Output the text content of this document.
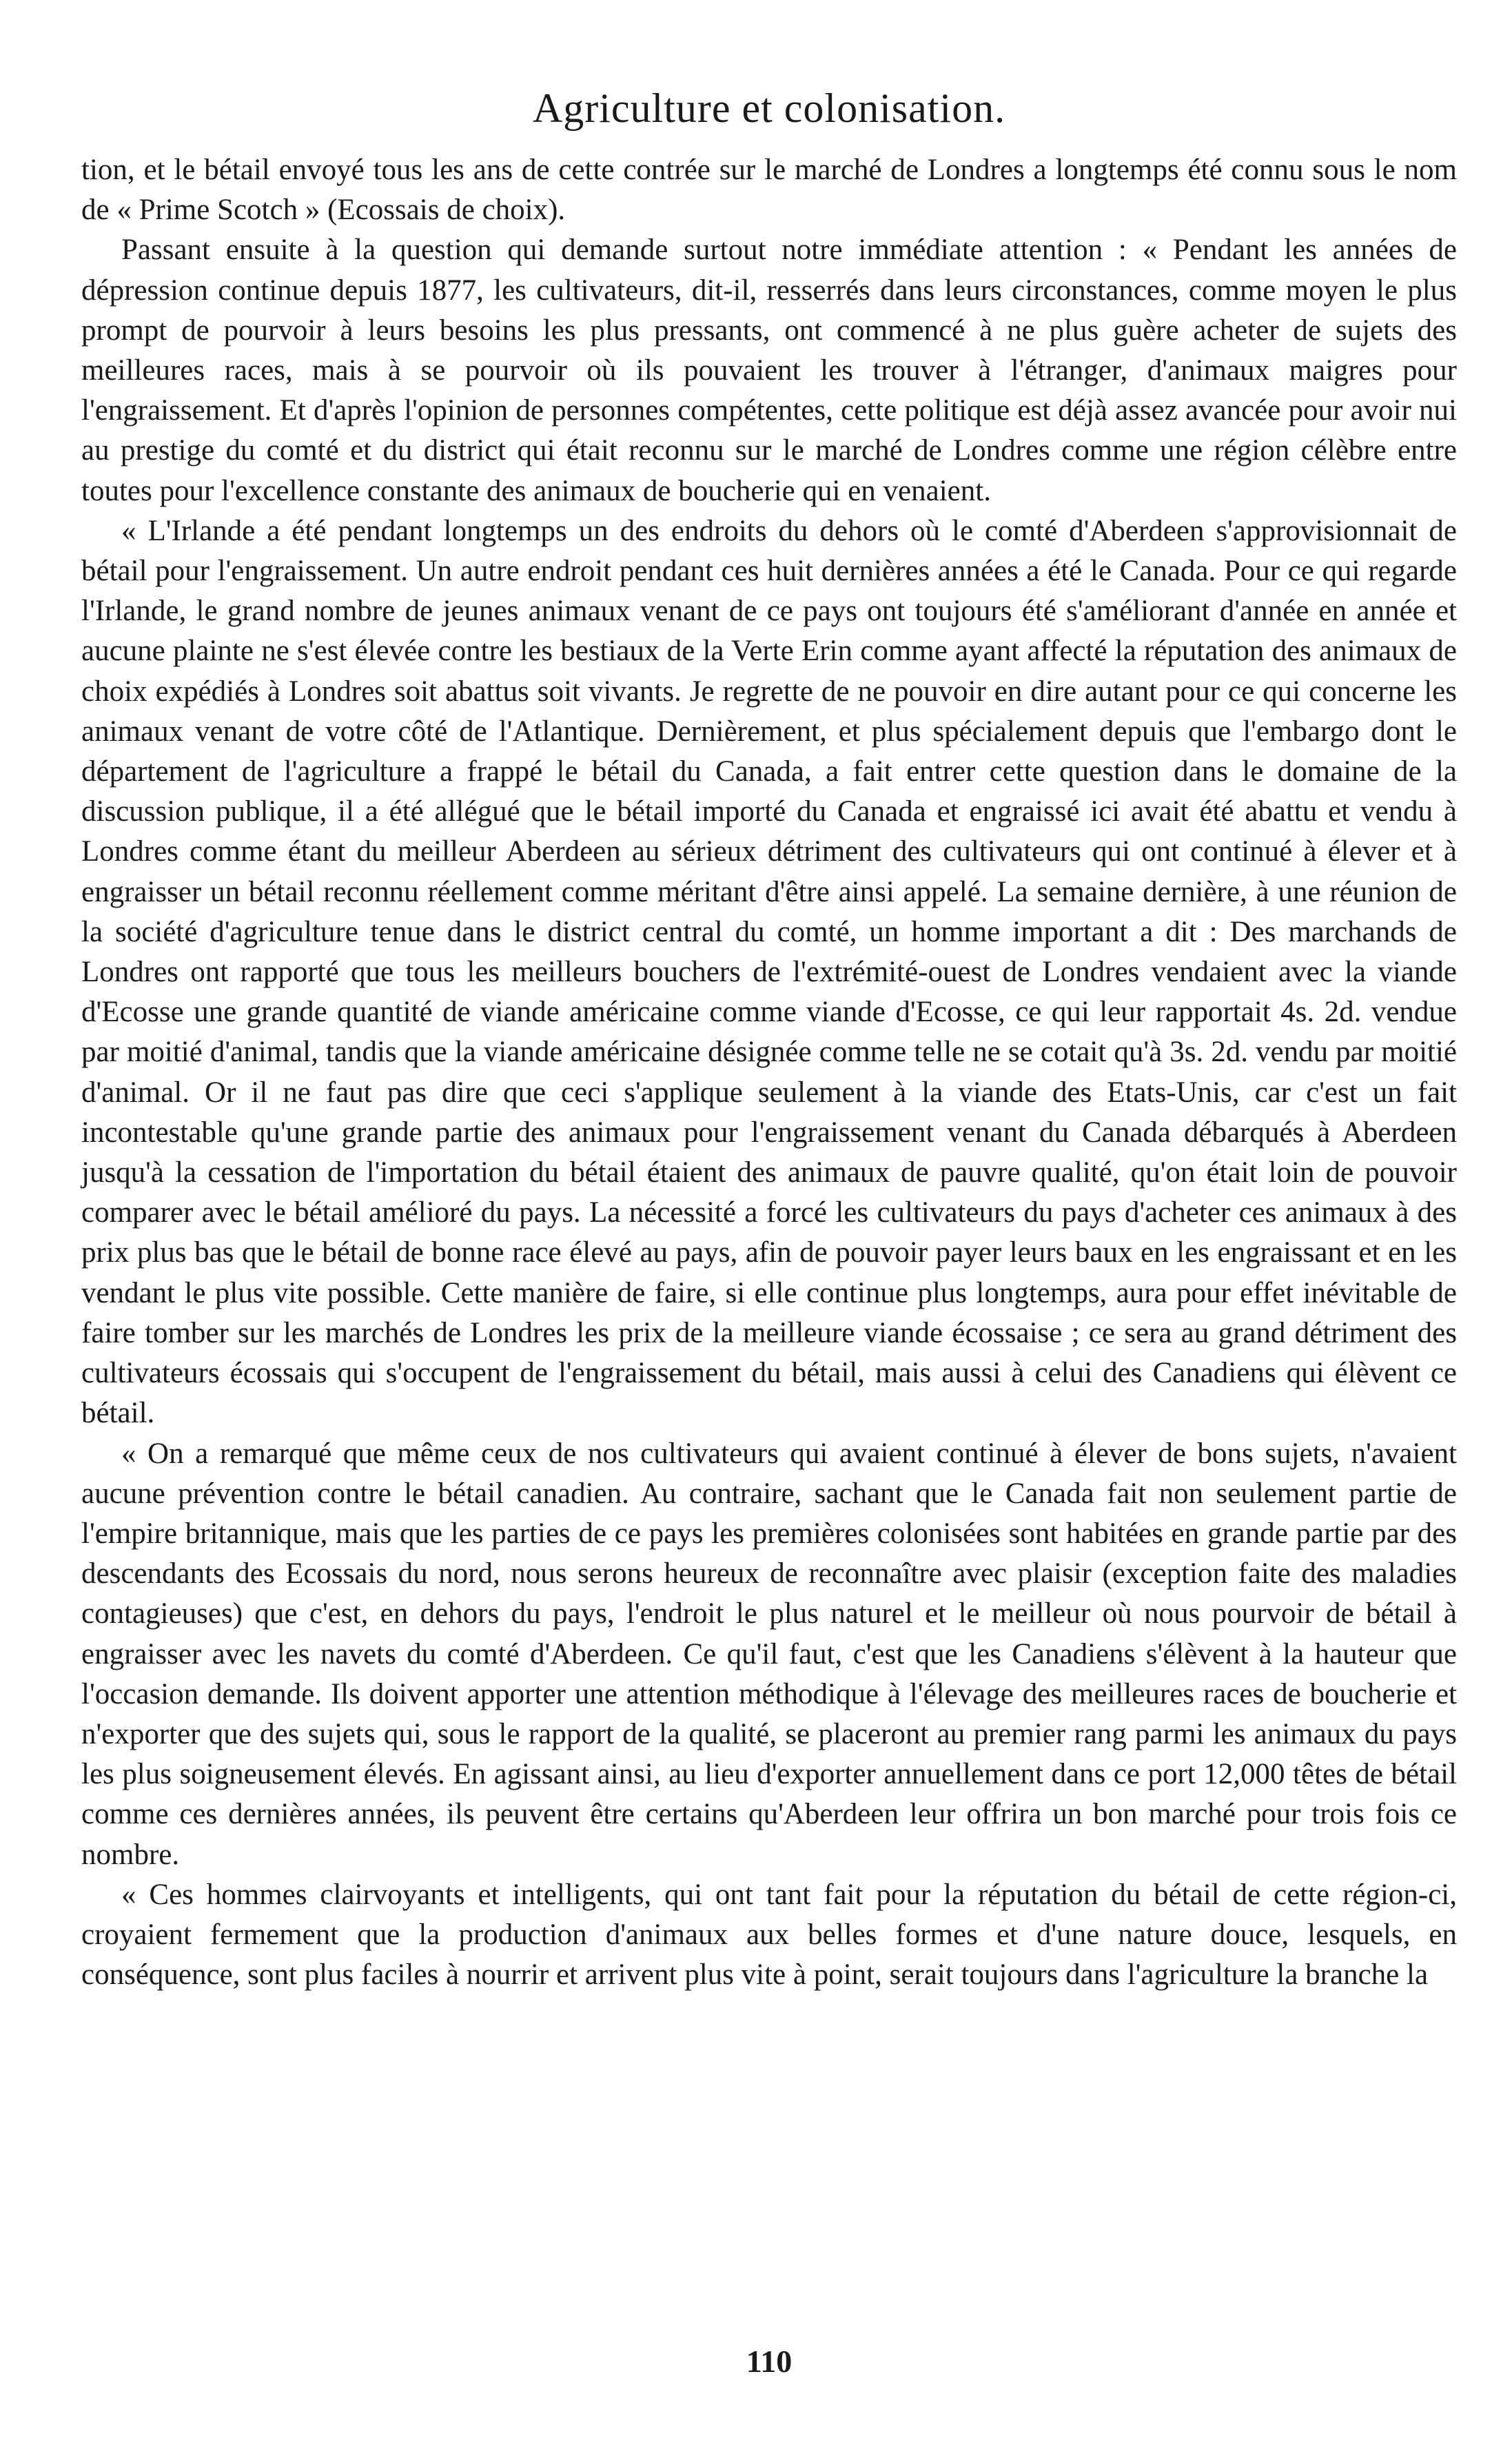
Agriculture et colonisation.

tion, et le bétail envoyé tous les ans de cette contrée sur le marché de Londres a longtemps été connu sous le nom de « Prime Scotch » (Ecossais de choix).

Passant ensuite à la question qui demande surtout notre immédiate attention : « Pendant les années de dépression continue depuis 1877, les cultivateurs, dit-il, resserrés dans leurs circonstances, comme moyen le plus prompt de pourvoir à leurs besoins les plus pressants, ont commencé à ne plus guère acheter de sujets des meilleures races, mais à se pourvoir où ils pouvaient les trouver à l'étranger, d'animaux maigres pour l'engraissement. Et d'après l'opinion de personnes compétentes, cette politique est déjà assez avancée pour avoir nui au prestige du comté et du district qui était reconnu sur le marché de Londres comme une région célèbre entre toutes pour l'excellence constante des animaux de boucherie qui en venaient.

« L'Irlande a été pendant longtemps un des endroits du dehors où le comté d'Aberdeen s'approvisionnait de bétail pour l'engraissement. Un autre endroit pendant ces huit dernières années a été le Canada. Pour ce qui regarde l'Irlande, le grand nombre de jeunes animaux venant de ce pays ont toujours été s'améliorant d'année en année et aucune plainte ne s'est élevée contre les bestiaux de la Verte Erin comme ayant affecté la réputation des animaux de choix expédiés à Londres soit abattus soit vivants. Je regrette de ne pouvoir en dire autant pour ce qui concerne les animaux venant de votre côté de l'Atlantique. Dernièrement, et plus spécialement depuis que l'embargo dont le département de l'agriculture a frappé le bétail du Canada, a fait entrer cette question dans le domaine de la discussion publique, il a été allégué que le bétail importé du Canada et engraissé ici avait été abattu et vendu à Londres comme étant du meilleur Aberdeen au sérieux détriment des cultivateurs qui ont continué à élever et à engraisser un bétail reconnu réellement comme méritant d'être ainsi appelé. La semaine dernière, à une réunion de la société d'agriculture tenue dans le district central du comté, un homme important a dit : Des marchands de Londres ont rapporté que tous les meilleurs bouchers de l'extrémité-ouest de Londres vendaient avec la viande d'Ecosse une grande quantité de viande américaine comme viande d'Ecosse, ce qui leur rapportait 4s. 2d. vendue par moitié d'animal, tandis que la viande américaine désignée comme telle ne se cotait qu'à 3s. 2d. vendu par moitié d'animal. Or il ne faut pas dire que ceci s'applique seulement à la viande des Etats-Unis, car c'est un fait incontestable qu'une grande partie des animaux pour l'engraissement venant du Canada débarqués à Aberdeen jusqu'à la cessation de l'importation du bétail étaient des animaux de pauvre qualité, qu'on était loin de pouvoir comparer avec le bétail amélioré du pays. La nécessité a forcé les cultivateurs du pays d'acheter ces animaux à des prix plus bas que le bétail de bonne race élevé au pays, afin de pouvoir payer leurs baux en les engraissant et en les vendant le plus vite possible. Cette manière de faire, si elle continue plus longtemps, aura pour effet inévitable de faire tomber sur les marchés de Londres les prix de la meilleure viande écossaise ; ce sera au grand détriment des cultivateurs écossais qui s'occupent de l'engraissement du bétail, mais aussi à celui des Canadiens qui élèvent ce bétail.

« On a remarqué que même ceux de nos cultivateurs qui avaient continué à élever de bons sujets, n'avaient aucune prévention contre le bétail canadien. Au contraire, sachant que le Canada fait non seulement partie de l'empire britannique, mais que les parties de ce pays les premières colonisées sont habitées en grande partie par des descendants des Ecossais du nord, nous serons heureux de reconnaître avec plaisir (exception faite des maladies contagieuses) que c'est, en dehors du pays, l'endroit le plus naturel et le meilleur où nous pourvoir de bétail à engraisser avec les navets du comté d'Aberdeen. Ce qu'il faut, c'est que les Canadiens s'élèvent à la hauteur que l'occasion demande. Ils doivent apporter une attention méthodique à l'élevage des meilleures races de boucherie et n'exporter que des sujets qui, sous le rapport de la qualité, se placeront au premier rang parmi les animaux du pays les plus soigneusement élevés. En agissant ainsi, au lieu d'exporter annuellement dans ce port 12,000 têtes de bétail comme ces dernières années, ils peuvent être certains qu'Aberdeen leur offrira un bon marché pour trois fois ce nombre.

« Ces hommes clairvoyants et intelligents, qui ont tant fait pour la réputation du bétail de cette région-ci, croyaient fermement que la production d'animaux aux belles formes et d'une nature douce, lesquels, en conséquence, sont plus faciles à nourrir et arrivent plus vite à point, serait toujours dans l'agriculture la branche la

110
